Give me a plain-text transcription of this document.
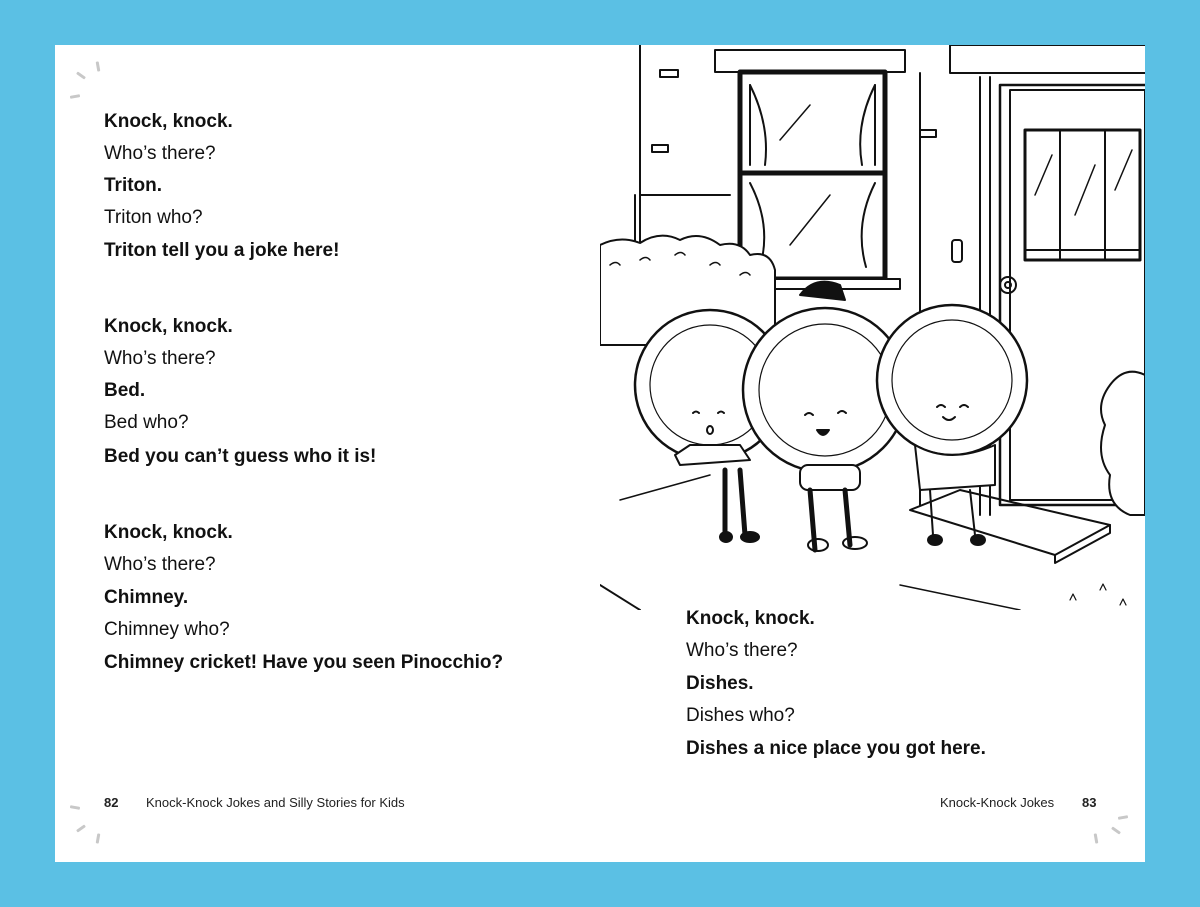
Knock, knock.
Who’s there?
Triton.
Triton who?
Triton tell you a joke here!
Knock, knock.
Who’s there?
Bed.
Bed who?
Bed you can’t guess who it is!
Knock, knock.
Who’s there?
Chimney.
Chimney who?
Chimney cricket! Have you seen Pinocchio?
82 Knock-Knock Jokes and Silly Stories for Kids
Knock, knock.
Who’s there?
Dishes.
Dishes who?
Dishes a nice place you got here.
Knock-Knock Jokes 83
